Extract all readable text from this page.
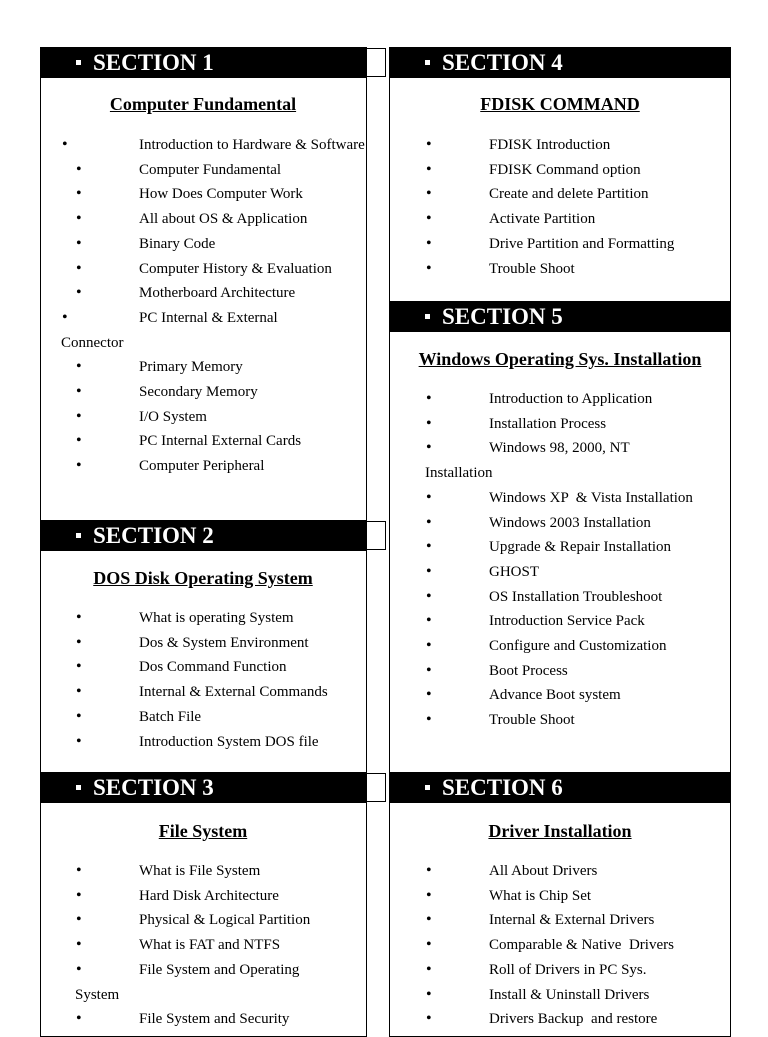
SECTION 1
Computer Fundamental
• Introduction to Hardware & Software
• Computer Fundamental
• How Does Computer Work
• All about OS & Application
• Binary Code
• Computer History & Evaluation
• Motherboard Architecture
• PC Internal & External Connector
• Primary Memory
• Secondary Memory
• I/O System
• PC Internal External Cards
• Computer Peripheral
SECTION 2
DOS Disk Operating System
• What is operating System
• Dos & System Environment
• Dos Command Function
• Internal & External Commands
• Batch File
• Introduction System DOS file
SECTION 3
File System
• What is File System
• Hard Disk Architecture
• Physical & Logical Partition
• What is FAT and NTFS
• File System and Operating System
• File System and Security
SECTION 4
FDISK COMMAND
• FDISK Introduction
• FDISK Command option
• Create and delete Partition
• Activate Partition
• Drive Partition and Formatting
• Trouble Shoot
SECTION 5
Windows Operating Sys. Installation
• Introduction to Application
• Installation Process
• Windows 98, 2000, NT Installation
• Windows XP  & Vista Installation
• Windows 2003 Installation
• Upgrade & Repair Installation
• GHOST
• OS Installation Troubleshoot
• Introduction Service Pack
• Configure and Customization
• Boot Process
• Advance Boot system
• Trouble Shoot
SECTION 6
Driver Installation
• All About Drivers
• What is Chip Set
• Internal & External Drivers
• Comparable & Native  Drivers
• Roll of Drivers in PC Sys.
• Install & Uninstall Drivers
• Drivers Backup  and restore
